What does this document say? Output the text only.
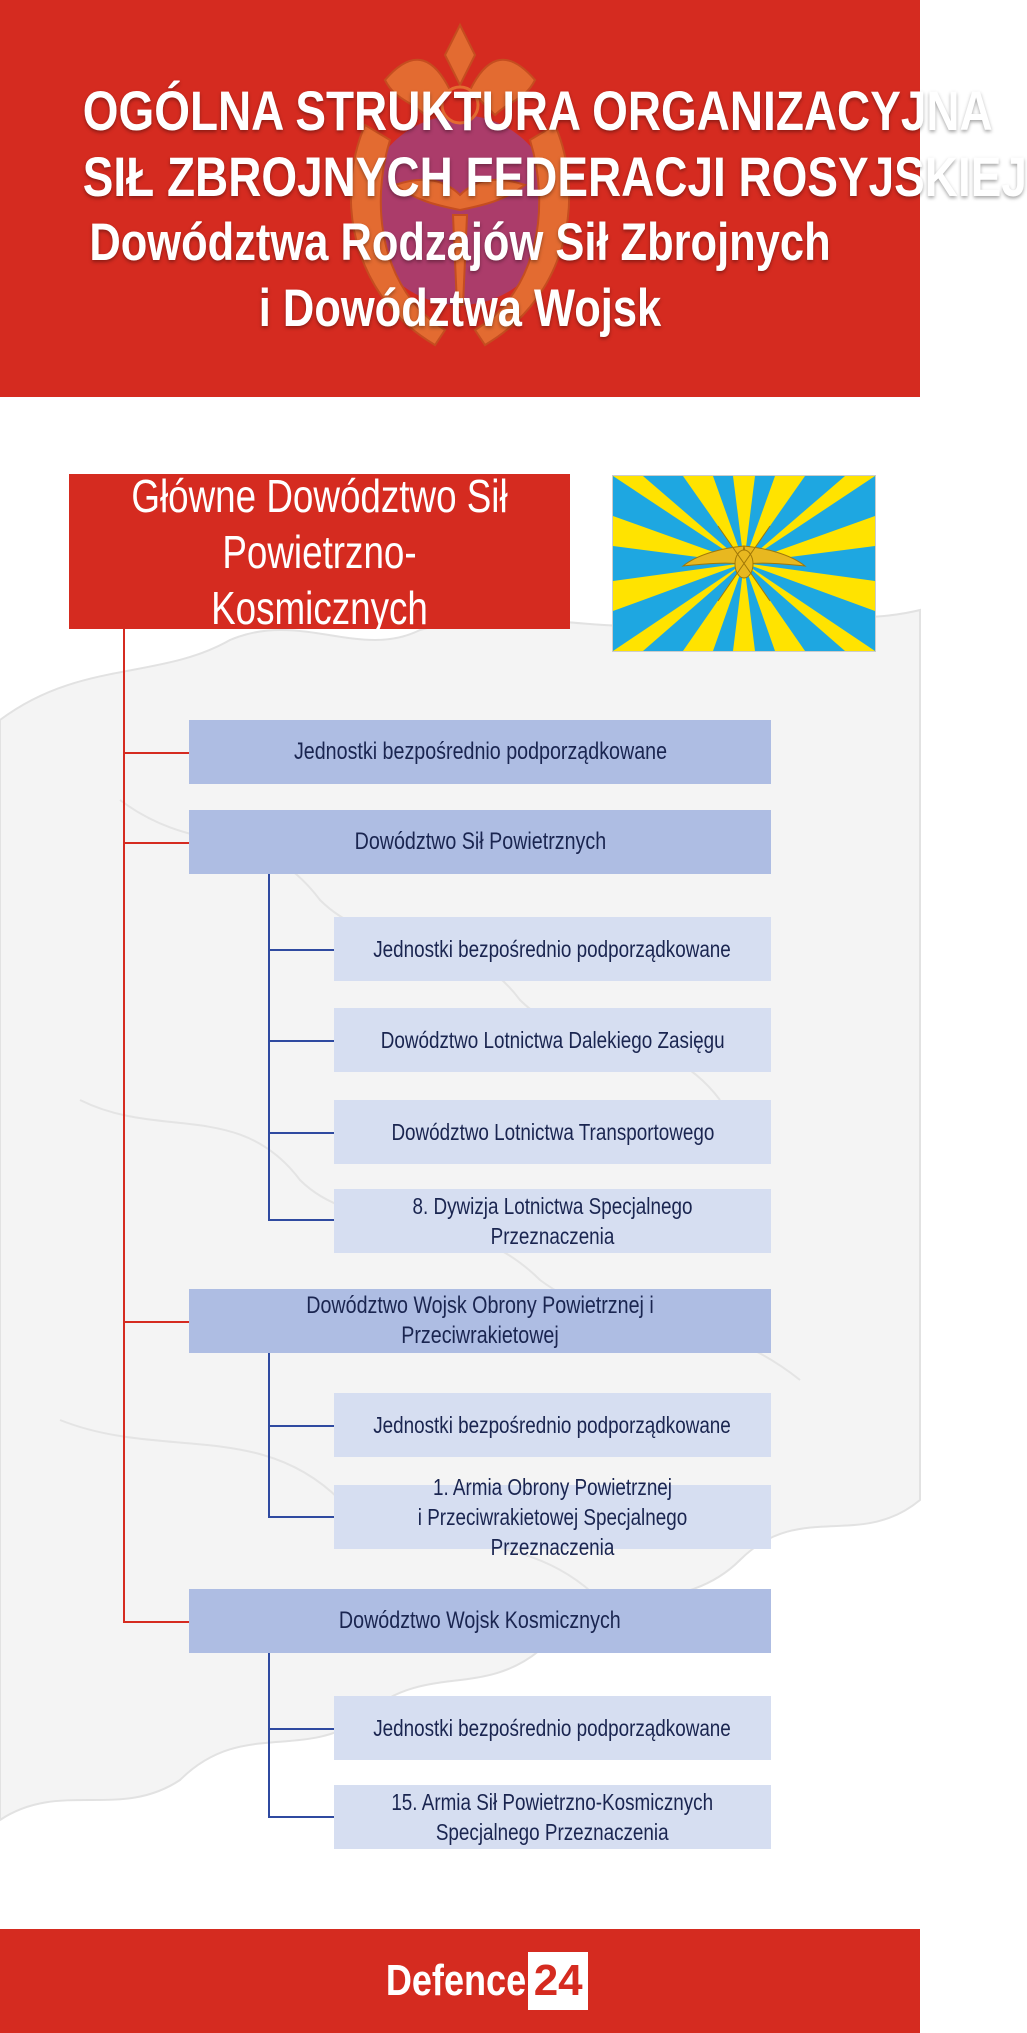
OGÓLNA STRUKTURA ORGANIZACYJNA
SIŁ ZBROJNYCH FEDERACJI ROSYJSKIEJ
Dowództwa Rodzajów Sił Zbrojnych
i Dowództwa Wojsk
Główne Dowództwo Sił
Powietrzno-Kosmicznych
Jednostki bezpośrednio podporządkowane
Dowództwo Sił Powietrznych
Dowództwo Wojsk Obrony Powietrznej i Przeciwrakietowej
Dowództwo Wojsk Kosmicznych
Jednostki bezpośrednio podporządkowane
Dowództwo Lotnictwa Dalekiego Zasięgu
Dowództwo Lotnictwa Transportowego
8. Dywizja Lotnictwa Specjalnego Przeznaczenia
Jednostki bezpośrednio podporządkowane
1. Armia Obrony Powietrznej
i Przeciwrakietowej Specjalnego Przeznaczenia
Jednostki bezpośrednio podporządkowane
15. Armia Sił Powietrzno-Kosmicznych
Specjalnego Przeznaczenia
Defence 24
